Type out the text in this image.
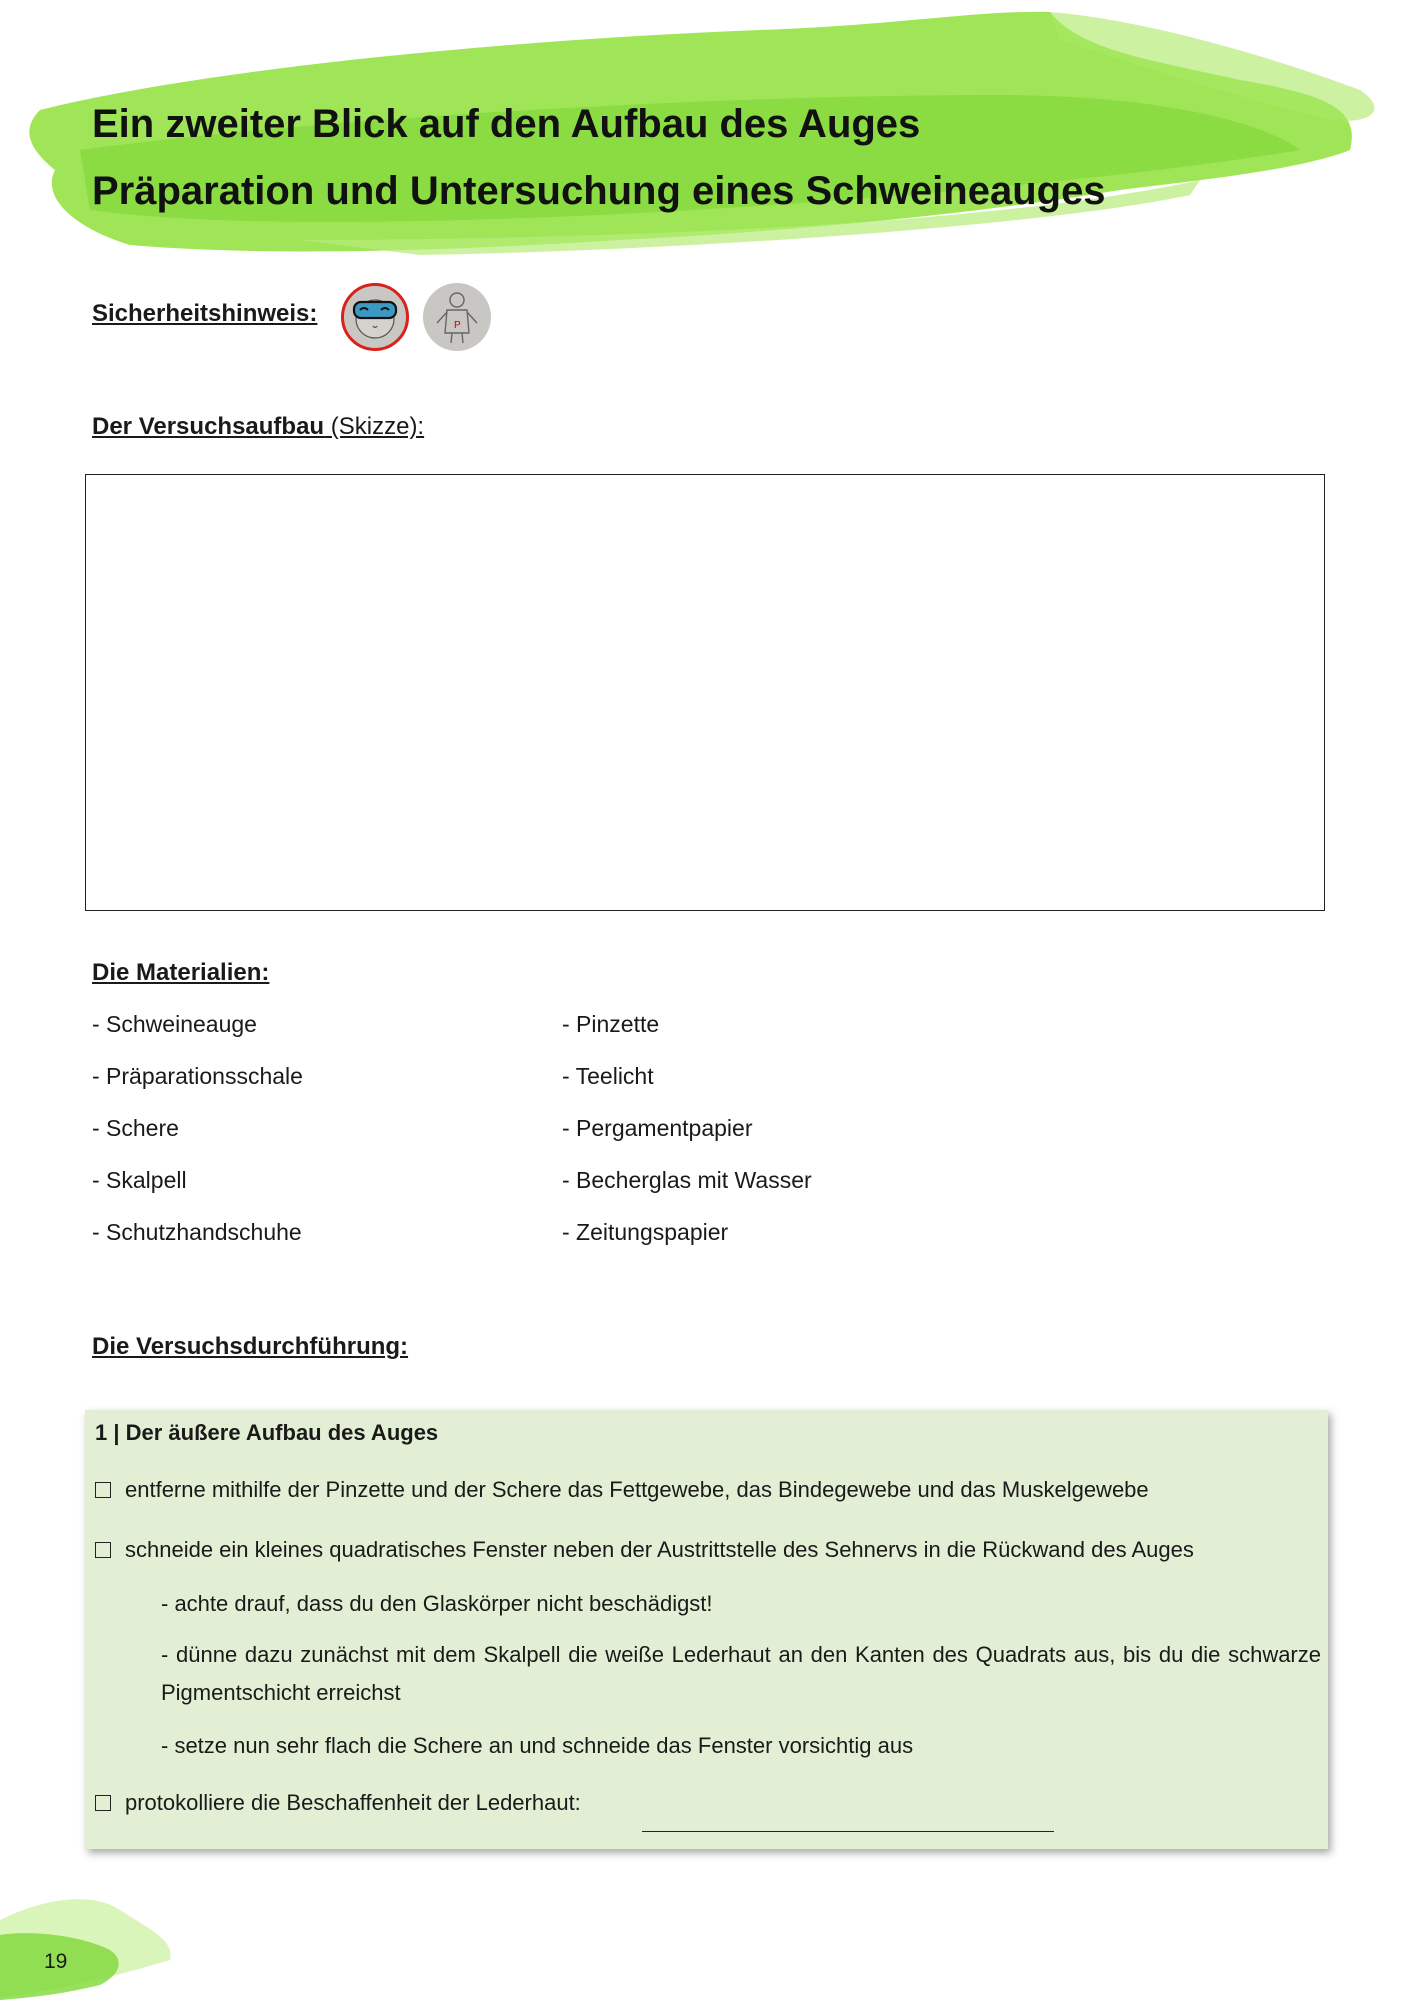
Ein zweiter Blick auf den Aufbau des Auges
Präparation und Untersuchung eines Schweineauges
Sicherheitshinweis:	P
Der Versuchsaufbau (Skizze):
Die Materialien:
- Schweineauge
- Präparationsschale
- Schere
- Skalpell
- Schutzhandschuhe
- Pinzette
- Teelicht
- Pergamentpapier
- Becherglas mit Wasser
- Zeitungspapier
Die Versuchsdurchführung:
1 | Der äußere Aufbau des Auges
entferne mithilfe der Pinzette und der Schere das Fettgewebe, das Bindegewebe und das Muskelgewebe
schneide ein kleines quadratisches Fenster neben der Austrittstelle des Sehnervs in die Rückwand des Auges
- achte drauf, dass du den Glaskörper nicht beschädigst!
- dünne dazu zunächst mit dem Skalpell die weiße Lederhaut an den Kanten des Quadrats aus, bis du die schwarze Pigmentschicht erreichst
- setze nun sehr flach die Schere an und schneide das Fenster vorsichtig aus
protokolliere die Beschaffenheit der Lederhaut:
19
